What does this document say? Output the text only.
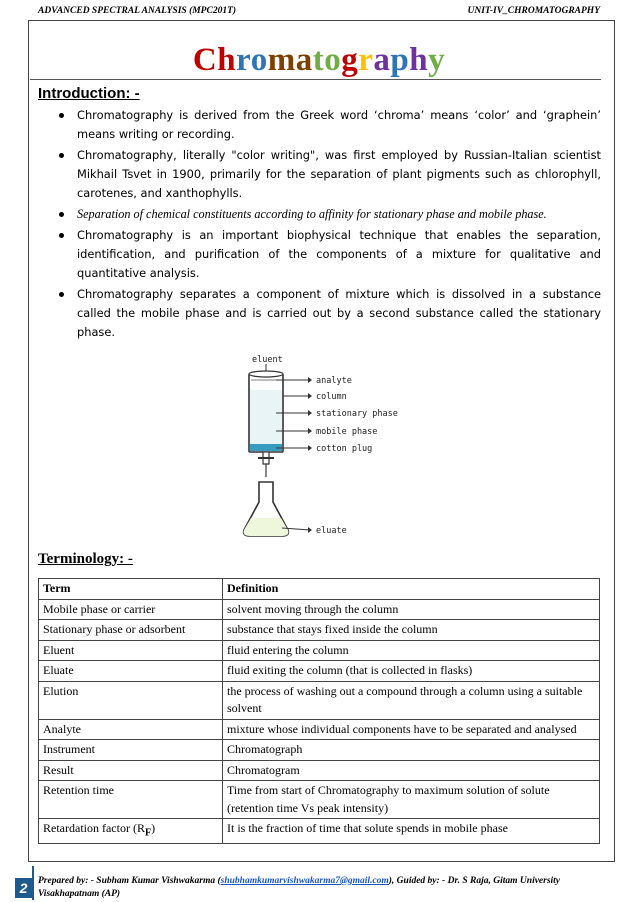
ADVANCED SPECTRAL ANALYSIS (MPC201T)	UNIT-IV_CHROMATOGRAPHY
Chromatography
Introduction: -
Chromatography is derived from the Greek word ‘chroma’ means ‘color’ and ‘graphein’ means writing or recording.
Chromatography, literally "color writing", was first employed by Russian-Italian scientist Mikhail Tsvet in 1900, primarily for the separation of plant pigments such as chlorophyll, carotenes, and xanthophylls.
Separation of chemical constituents according to affinity for stationary phase and mobile phase.
Chromatography is an important biophysical technique that enables the separation, identification, and purification of the components of a mixture for qualitative and quantitative analysis.
Chromatography separates a component of mixture which is dissolved in a substance called the mobile phase and is carried out by a second substance called the stationary phase.
eluent
analyte
column
stationary phase
mobile phase
cotton plug
eluate
Terminology: -
Term	Definition
Mobile phase or carrier	solvent moving through the column
Stationary phase or adsorbent	substance that stays fixed inside the column
Eluent	fluid entering the column
Eluate	fluid exiting the column (that is collected in flasks)
Elution	the process of washing out a compound through a column using a suitable solvent
Analyte	mixture whose individual components have to be separated and analysed
Instrument	Chromatograph
Result	Chromatogram
Retention time	Time from start of Chromatography to maximum solution of solute (retention time Vs peak intensity)
Retardation factor $(R_F)$	It is the fraction of time that solute spends in mobile phase
2	Prepared by: - Subham Kumar Vishwakarma (shubhamkumarvishwakarma7@gmail.com), Guided by: - Dr. S Raja, Gitam University Visakhapatnam (AP)
